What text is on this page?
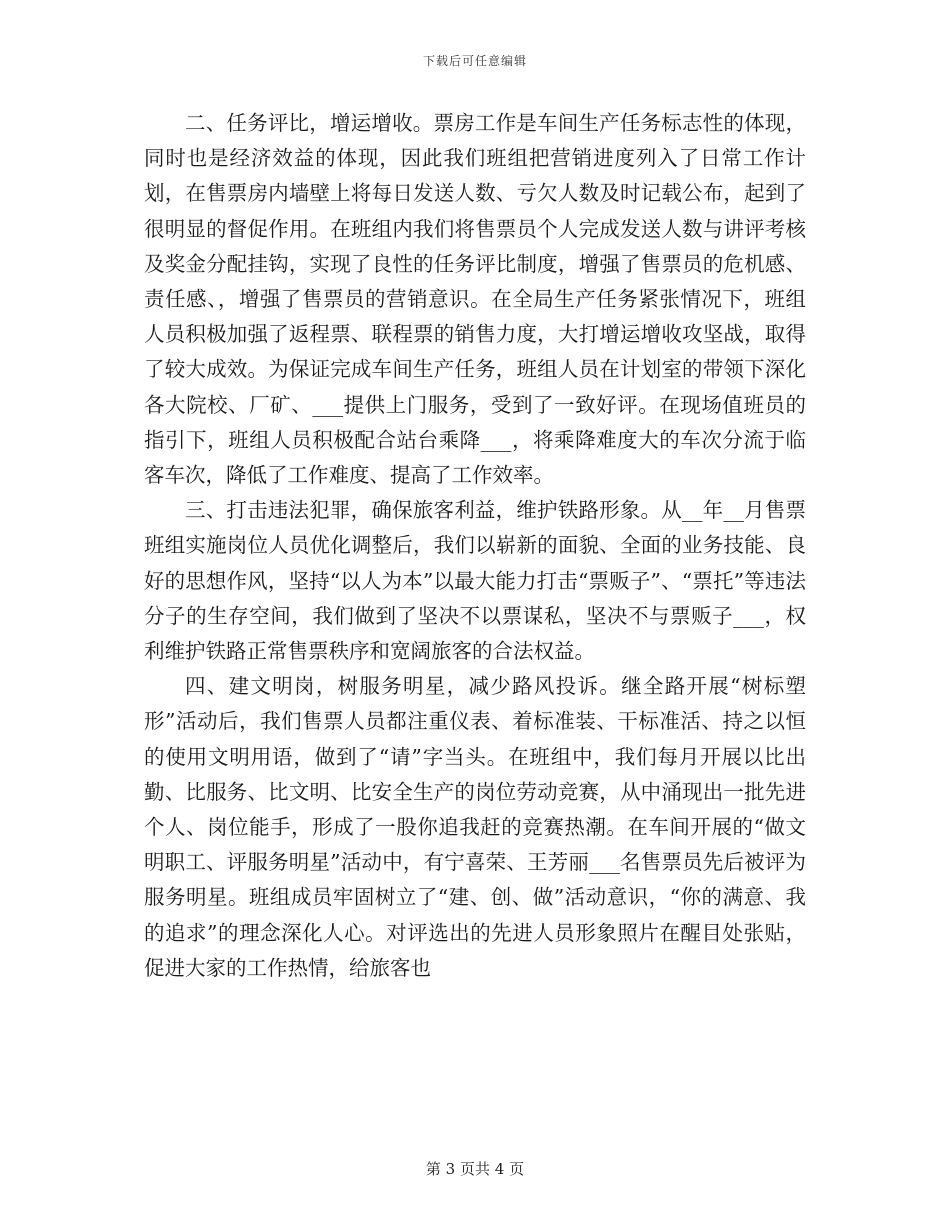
下载后可任意编辑

二、任务评比，增运增收。票房工作是车间生产任务标志性的体现，同时也是经济效益的体现，因此我们班组把营销进度列入了日常工作计划，在售票房内墙壁上将每日发送人数、亏欠人数及时记载公布，起到了很明显的督促作用。在班组内我们将售票员个人完成发送人数与讲评考核及奖金分配挂钩，实现了良性的任务评比制度，增强了售票员的危机感、责任感、，增强了售票员的营销意识。在全局生产任务紧张情况下，班组人员积极加强了返程票、联程票的销售力度，大打增运增收攻坚战，取得了较大成效。为保证完成车间生产任务，班组人员在计划室的带领下深化各大院校、厂矿、___提供上门服务，受到了一致好评。在现场值班员的指引下，班组人员积极配合站台乘降___，将乘降难度大的车次分流于临客车次，降低了工作难度、提高了工作效率。

三、打击违法犯罪，确保旅客利益，维护铁路形象。从__年__月售票班组实施岗位人员优化调整后，我们以崭新的面貌、全面的业务技能、良好的思想作风，坚持“以人为本”以最大能力打击“票贩子”、“票托”等违法分子的生存空间，我们做到了坚决不以票谋私，坚决不与票贩子___，权利维护铁路正常售票秩序和宽阔旅客的合法权益。

四、建文明岗，树服务明星，减少路风投诉。继全路开展“树标塑形”活动后，我们售票人员都注重仪表、着标准装、干标准活、持之以恒的使用文明用语，做到了“请”字当头。在班组中，我们每月开展以比出勤、比服务、比文明、比安全生产的岗位劳动竞赛，从中涌现出一批先进个人、岗位能手，形成了一股你追我赶的竞赛热潮。在车间开展的“做文明职工、评服务明星”活动中，有宁喜荣、王芳丽___名售票员先后被评为服务明星。班组成员牢固树立了“建、创、做”活动意识，“你的满意、我的追求”的理念深化人心。对评选出的先进人员形象照片在醒目处张贴，促进大家的工作热情，给旅客也

第 3 页共 4 页
